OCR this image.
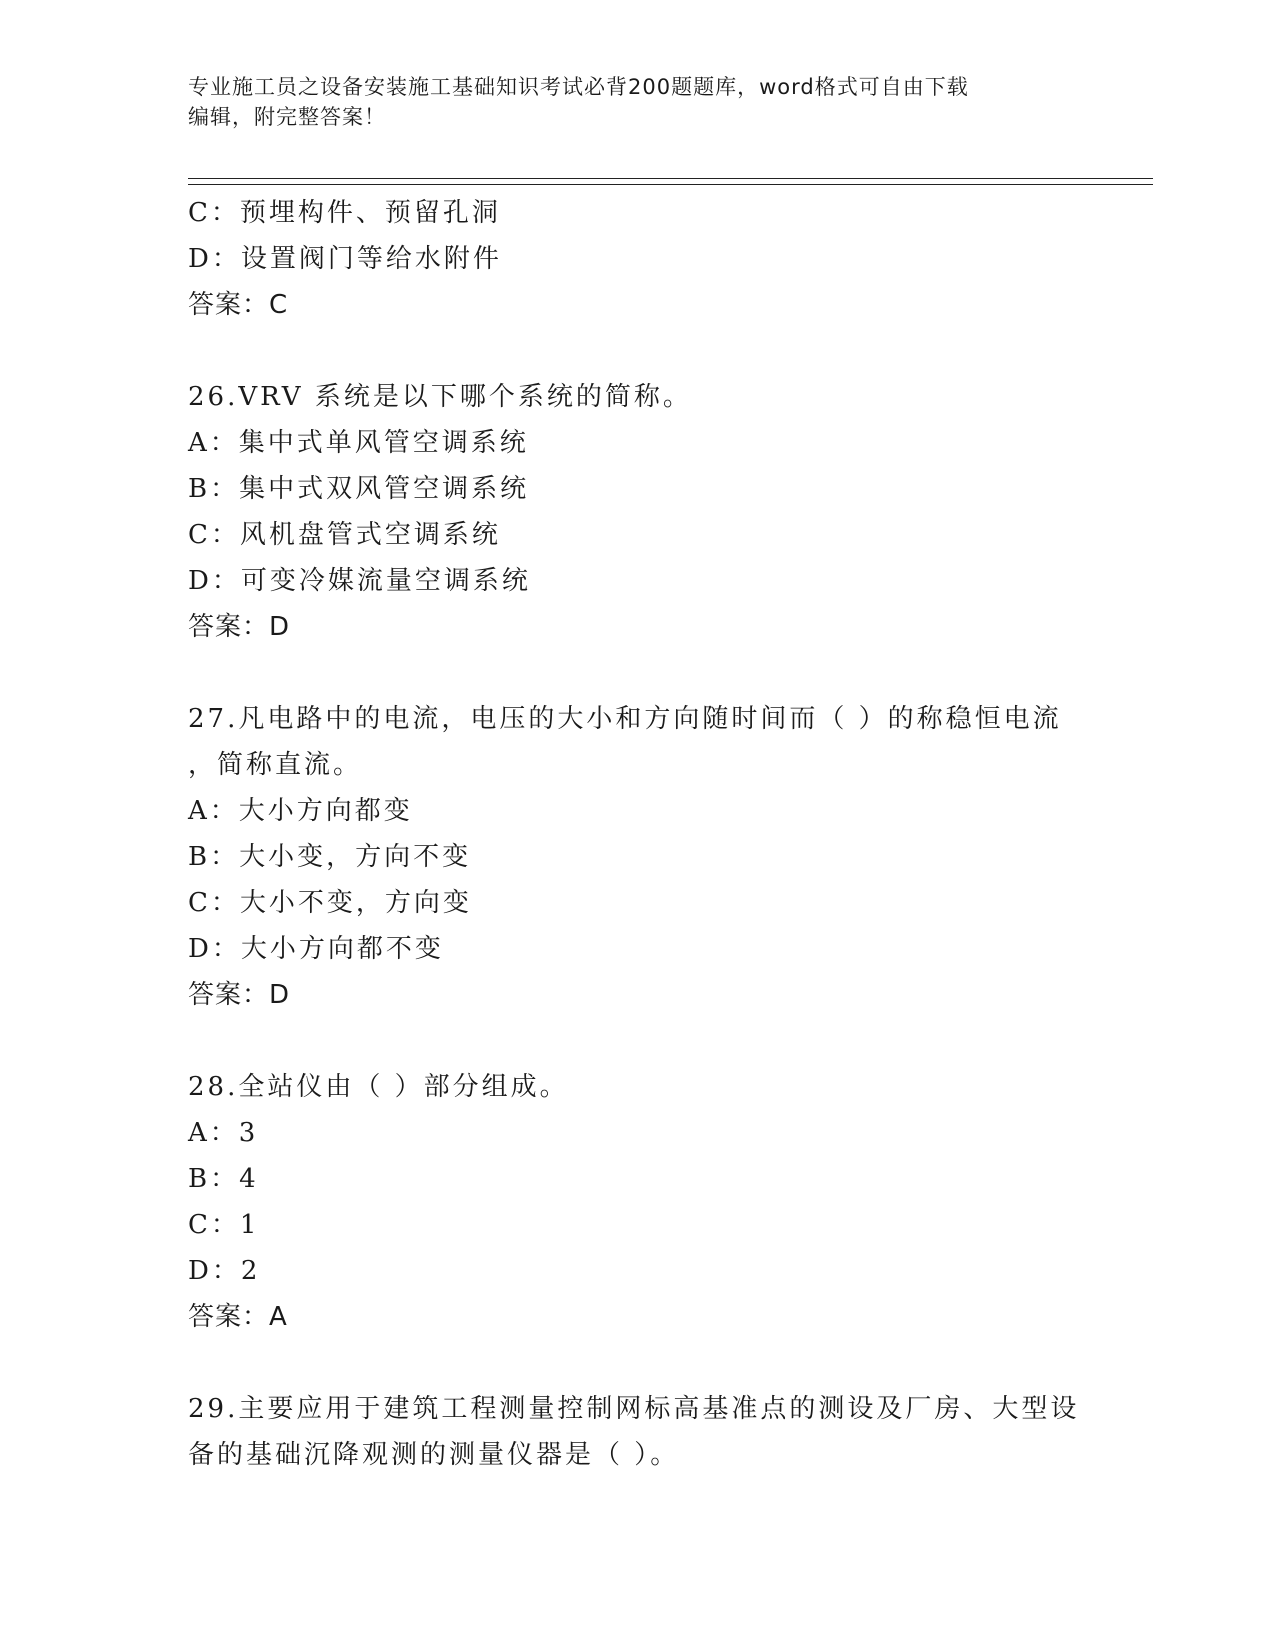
专业施工员之设备安装施工基础知识考试必背200题题库，word格式可自由下载
编辑，附完整答案！
C：预埋构件、预留孔洞
D：设置阀门等给水附件
答案：C
26.VRV 系统是以下哪个系统的简称。
A：集中式单风管空调系统
B：集中式双风管空调系统
C：风机盘管式空调系统
D：可变冷媒流量空调系统
答案：D
27.凡电路中的电流，电压的大小和方向随时间而（ ）的称稳恒电流
，简称直流。
A：大小方向都变
B：大小变，方向不变
C：大小不变，方向变
D：大小方向都不变
答案：D
28.全站仪由（ ）部分组成。
A：3
B：4
C：1
D：2
答案：A
29.主要应用于建筑工程测量控制网标高基准点的测设及厂房、大型设
备的基础沉降观测的测量仪器是（ ）。
